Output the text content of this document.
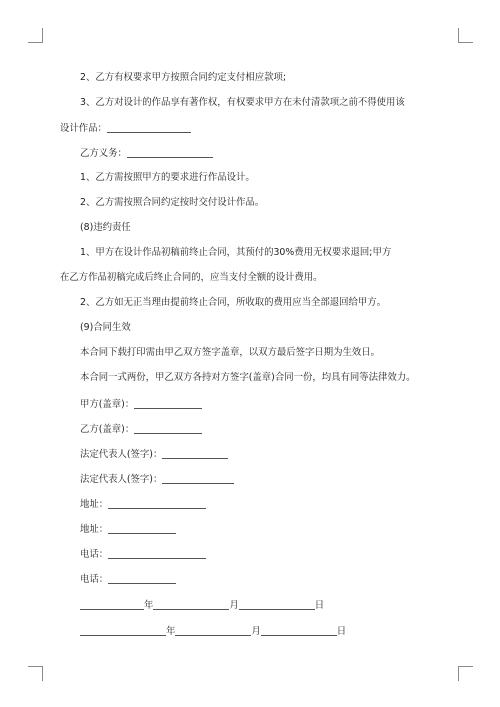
2、乙方有权要求甲方按照合同约定支付相应款项;
3、乙方对设计的作品享有著作权，有权要求甲方在未付清款项之前不得使用该
设计作品：
乙方义务：
1、乙方需按照甲方的要求进行作品设计。
2、乙方需按照合同约定按时交付设计作品。
(8)违约责任
1、甲方在设计作品初稿前终止合同，其预付的30%费用无权要求退回;甲方
在乙方作品初稿完成后终止合同的，应当支付全额的设计费用。
2、乙方如无正当理由提前终止合同，所收取的费用应当全部退回给甲方。
(9)合同生效
本合同下载打印需由甲乙双方签字盖章，以双方最后签字日期为生效日。
本合同一式两份，甲乙双方各持对方签字(盖章)合同一份，均具有同等法律效力。
甲方(盖章)：
乙方(盖章)：
法定代表人(签字)：
法定代表人(签字)：
地址：
地址：
电话：
电话：
年	月	日
年	月	日
